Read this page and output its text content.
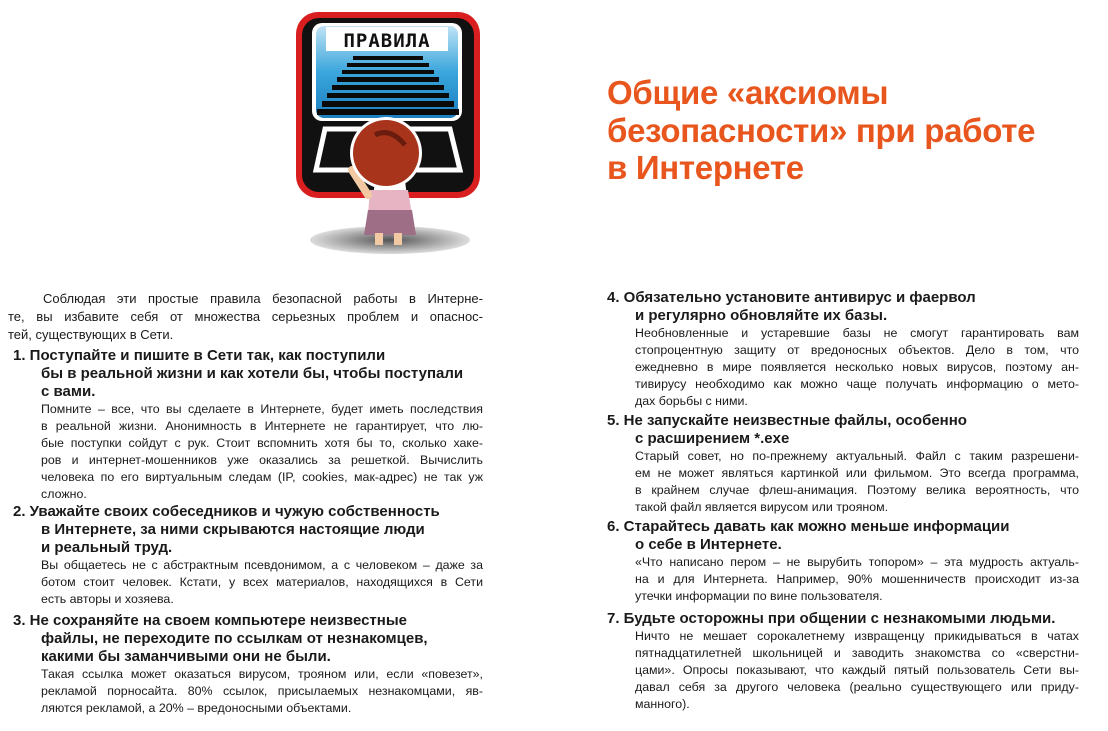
ПРАВИЛА
Общие «аксиомы
безопасности» при работе
в Интернете
Соблюдая эти простые правила безопасной работы в Интерне-
те, вы избавите себя от множества серьезных проблем и опаснос-
тей, существующих в Сети.
1. Поступайте и пишите в Сети так, как поступили
бы в реальной жизни и как хотели бы, чтобы поступали
с вами.
Помните – все, что вы сделаете в Интернете, будет иметь последствия
в реальной жизни. Анонимность в Интернете не гарантирует, что лю-
бые поступки сойдут с рук. Стоит вспомнить хотя бы то, сколько хаке-
ров и интернет-мошенников уже оказались за решеткой. Вычислить
человека по его виртуальным следам (IP, cookies, мак-адрес) не так уж
сложно.
2. Уважайте своих собеседников и чужую собственность
в Интернете, за ними скрываются настоящие люди
и реальный труд.
Вы общаетесь не с абстрактным псевдонимом, а с человеком – даже за
ботом стоит человек. Кстати, у всех материалов, находящихся в Сети
есть авторы и хозяева.
3. Не сохраняйте на своем компьютере неизвестные
файлы, не переходите по ссылкам от незнакомцев,
какими бы заманчивыми они не были.
Такая ссылка может оказаться вирусом, трояном или, если «повезет»,
рекламой порносайта. 80% ссылок, присылаемых незнакомцами, яв-
ляются рекламой, а 20% – вредоносными объектами.
4. Обязательно установите антивирус и фаервол
и регулярно обновляйте их базы.
Необновленные и устаревшие базы не смогут гарантировать вам
стопроцентную защиту от вредоносных объектов. Дело в том, что
ежедневно в мире появляется несколько новых вирусов, поэтому ан-
тивирусу необходимо как можно чаще получать информацию о мето-
дах борьбы с ними.
5. Не запускайте неизвестные файлы, особенно
с расширением *.exe
Старый совет, но по-прежнему актуальный. Файл с таким разрешени-
ем не может являться картинкой или фильмом. Это всегда программа,
в крайнем случае флеш-анимация. Поэтому велика вероятность, что
такой файл является вирусом или трояном.
6. Старайтесь давать как можно меньше информации
о себе в Интернете.
«Что написано пером – не вырубить топором» – эта мудрость актуаль-
на и для Интернета. Например, 90% мошенничеств происходит из-за
утечки информации по вине пользователя.
7. Будьте осторожны при общении с незнакомыми людьми.
Ничто не мешает сорокалетнему извращенцу прикидываться в чатах
пятнадцатилетней школьницей и заводить знакомства со «сверстни-
цами». Опросы показывают, что каждый пятый пользователь Сети вы-
давал себя за другого человека (реально существующего или приду-
манного).
